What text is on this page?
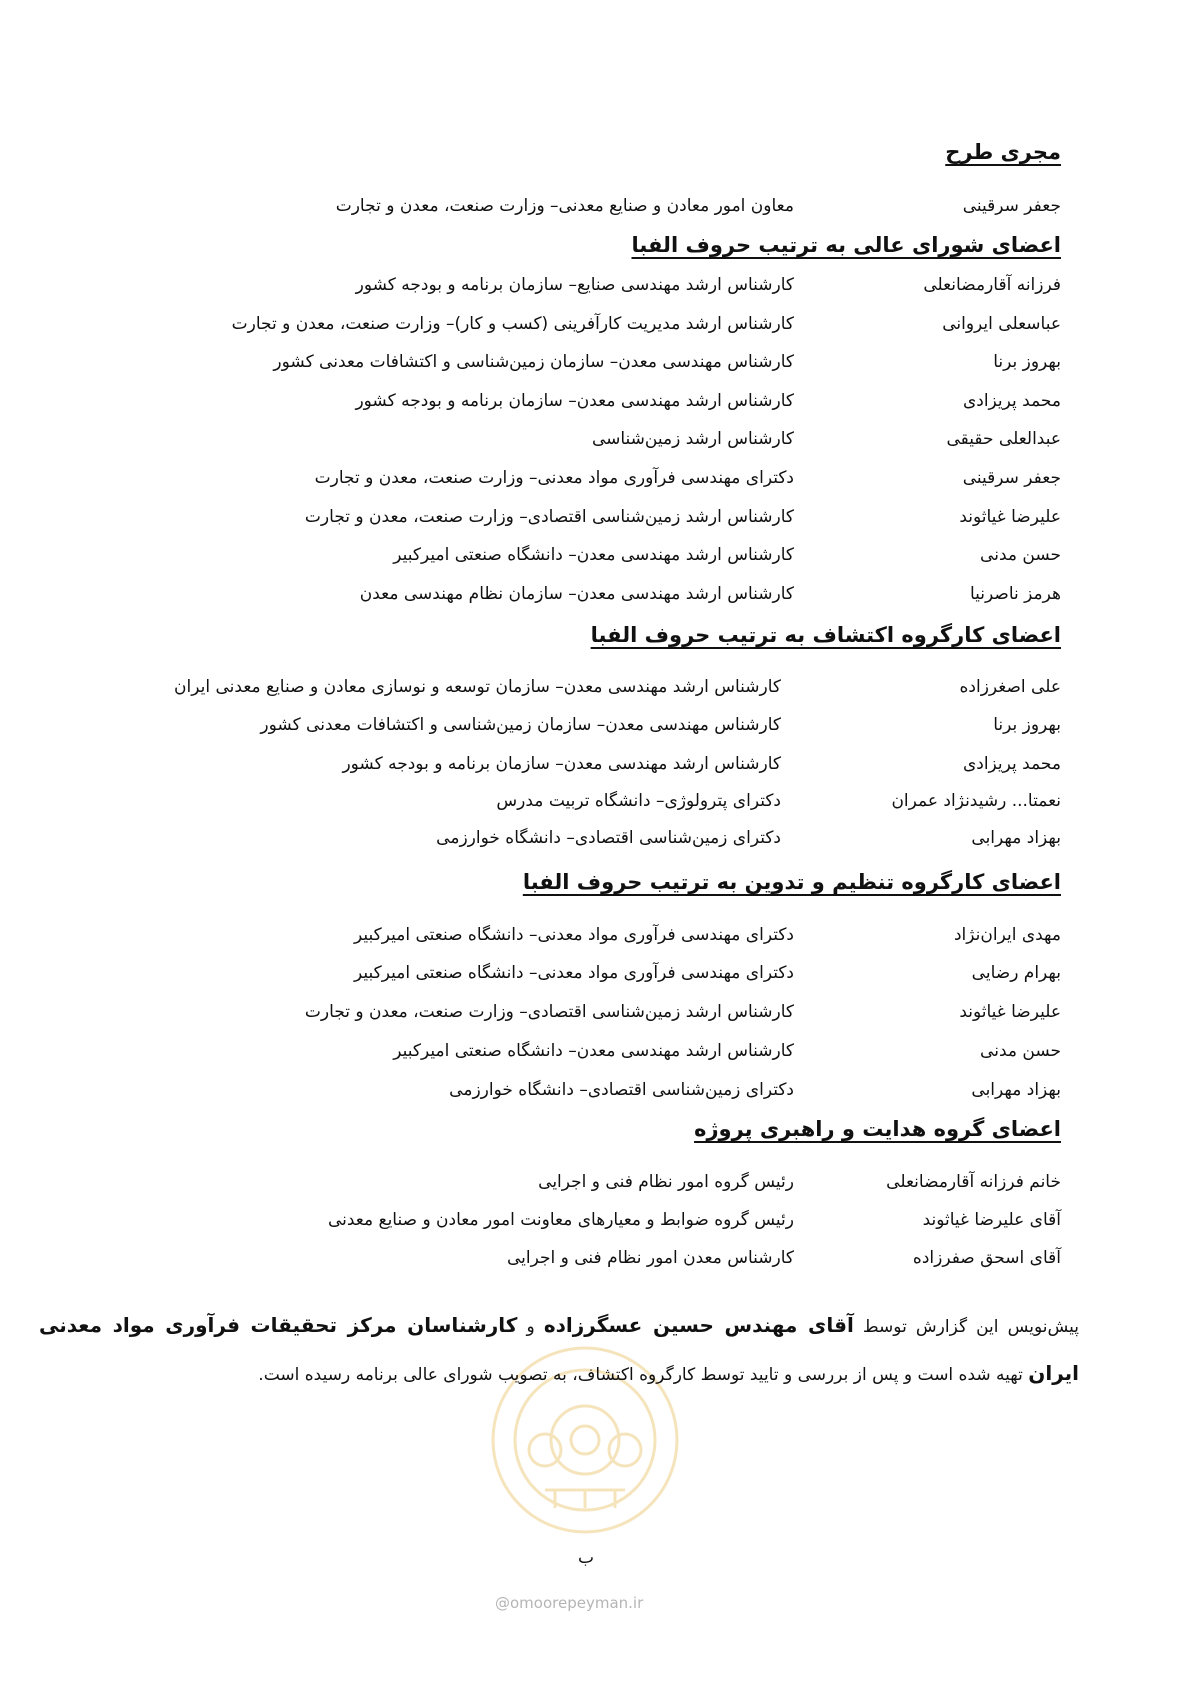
مجری طرح
جعفر سرقینی
معاون امور معادن و صنایع معدنی– وزارت صنعت، معدن و تجارت
اعضای شورای عالی به ترتیب حروف الفبا
فرزانه آقارمضانعلی
کارشناس ارشد مهندسی صنایع– سازمان برنامه و بودجه کشور
عباسعلی ایروانی
کارشناس ارشد مدیریت کارآفرینی (کسب و کار)– وزارت صنعت، معدن و تجارت
بهروز برنا
کارشناس مهندسی معدن– سازمان زمین‌شناسی و اکتشافات معدنی کشور
محمد پریزادی
کارشناس ارشد مهندسی معدن– سازمان برنامه و بودجه کشور
عبدالعلی حقیقی
کارشناس ارشد زمین‌شناسی
جعفر سرقینی
دکترای مهندسی فرآوری مواد معدنی– وزارت صنعت، معدن و تجارت
علیرضا غیاثوند
کارشناس ارشد زمین‌شناسی اقتصادی– وزارت صنعت، معدن و تجارت
حسن مدنی
کارشناس ارشد مهندسی معدن– دانشگاه صنعتی امیرکبیر
هرمز ناصرنیا
کارشناس ارشد مهندسی معدن– سازمان نظام مهندسی معدن
اعضای کارگروه اکتشاف به ترتیب حروف الفبا
علی اصغرزاده
کارشناس ارشد مهندسی معدن– سازمان توسعه و نوسازی معادن و صنایع معدنی ایران
بهروز برنا
کارشناس مهندسی معدن– سازمان زمین‌شناسی و اکتشافات معدنی کشور
محمد پریزادی
کارشناس ارشد مهندسی معدن– سازمان برنامه و بودجه کشور
نعمتا... رشیدنژاد عمران
دکترای پترولوژی– دانشگاه تربیت مدرس
بهزاد مهرابی
دکترای زمین‌شناسی اقتصادی– دانشگاه خوارزمی
اعضای کارگروه تنظیم و تدوین به ترتیب حروف الفبا
مهدی ایران‌نژاد
دکترای مهندسی فرآوری مواد معدنی– دانشگاه صنعتی امیرکبیر
بهرام رضایی
دکترای مهندسی فرآوری مواد معدنی– دانشگاه صنعتی امیرکبیر
علیرضا غیاثوند
کارشناس ارشد زمین‌شناسی اقتصادی– وزارت صنعت، معدن و تجارت
حسن مدنی
کارشناس ارشد مهندسی معدن– دانشگاه صنعتی امیرکبیر
بهزاد مهرابی
دکترای زمین‌شناسی اقتصادی– دانشگاه خوارزمی
اعضای گروه هدایت و راهبری پروژه
خانم فرزانه آقارمضانعلی
رئیس گروه امور نظام فنی و اجرایی
آقای علیرضا غیاثوند
رئیس گروه ضوابط و معیارهای معاونت امور معادن و صنایع معدنی
آقای اسحق صفرزاده
کارشناس معدن امور نظام فنی و اجرایی
پیش‌نویس این گزارش توسط آقای مهندس حسین عسگرزاده و کارشناسان مرکز تحقیقات فرآوری مواد معدنی ایران تهیه شده است و پس از بررسی و تایید توسط کارگروه اکتشاف، به تصویب شورای عالی برنامه رسیده است.
ب
@omoorepeyman.ir
